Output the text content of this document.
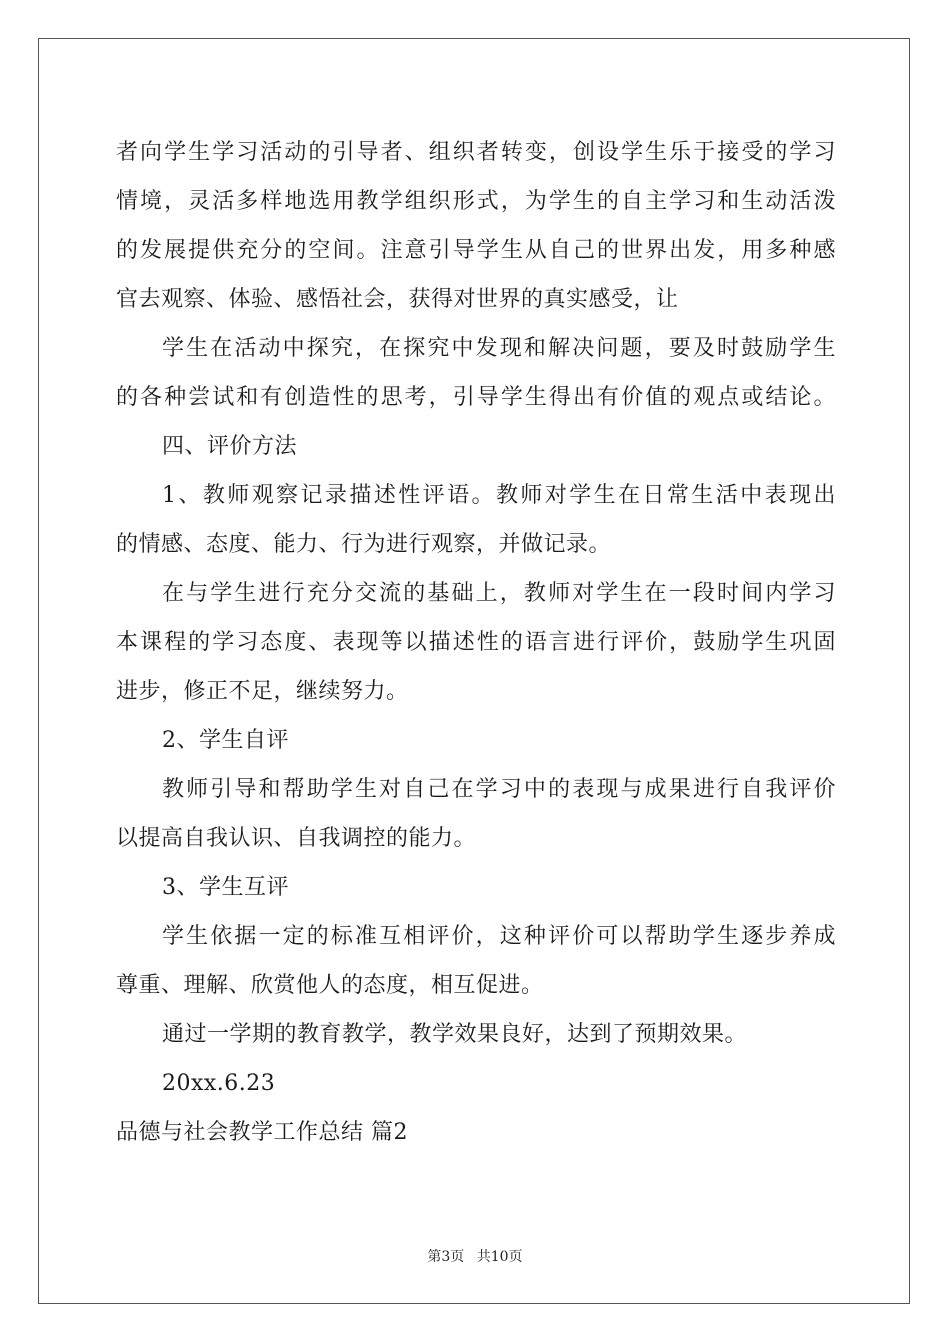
者向学生学习活动的引导者、组织者转变，创设学生乐于接受的学习
情境，灵活多样地选用教学组织形式，为学生的自主学习和生动活泼
的发展提供充分的空间。注意引导学生从自己的世界出发，用多种感
官去观察、体验、感悟社会，获得对世界的真实感受，让
学生在活动中探究，在探究中发现和解决问题，要及时鼓励学生
的各种尝试和有创造性的思考，引导学生得出有价值的观点或结论。
四、评价方法
1、教师观察记录描述性评语。教师对学生在日常生活中表现出
的情感、态度、能力、行为进行观察，并做记录。
在与学生进行充分交流的基础上，教师对学生在一段时间内学习
本课程的学习态度、表现等以描述性的语言进行评价，鼓励学生巩固
进步，修正不足，继续努力。
2、学生自评
教师引导和帮助学生对自己在学习中的表现与成果进行自我评价
以提高自我认识、自我调控的能力。
3、学生互评
学生依据一定的标准互相评价，这种评价可以帮助学生逐步养成
尊重、理解、欣赏他人的态度，相互促进。
通过一学期的教育教学，教学效果良好，达到了预期效果。
20xx.6.23
品德与社会教学工作总结 篇2
第3页 共10页
